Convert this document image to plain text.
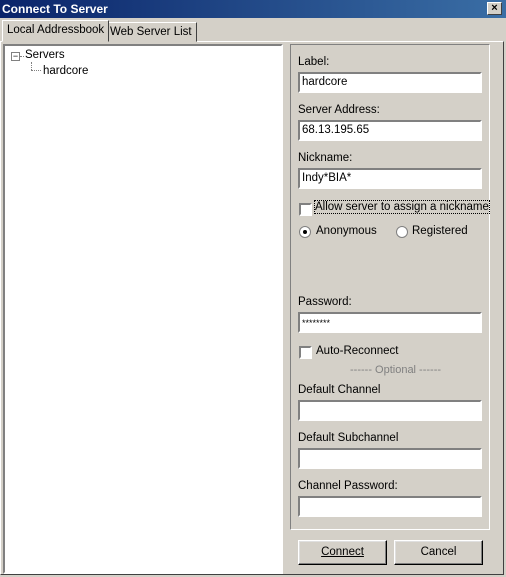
Connect To Server	×
Local Addressbook Web Server List
− Servers
hardcore
Label:
hardcore
Server Address:
68.13.195.65
Nickname:
Indy*BIA*
Allow server to assign a nickname
Anonymous	Registered
Password:
********
Auto-Reconnect
------ Optional ------
Default Channel
Default Subchannel
Channel Password:
Connect	Cancel
